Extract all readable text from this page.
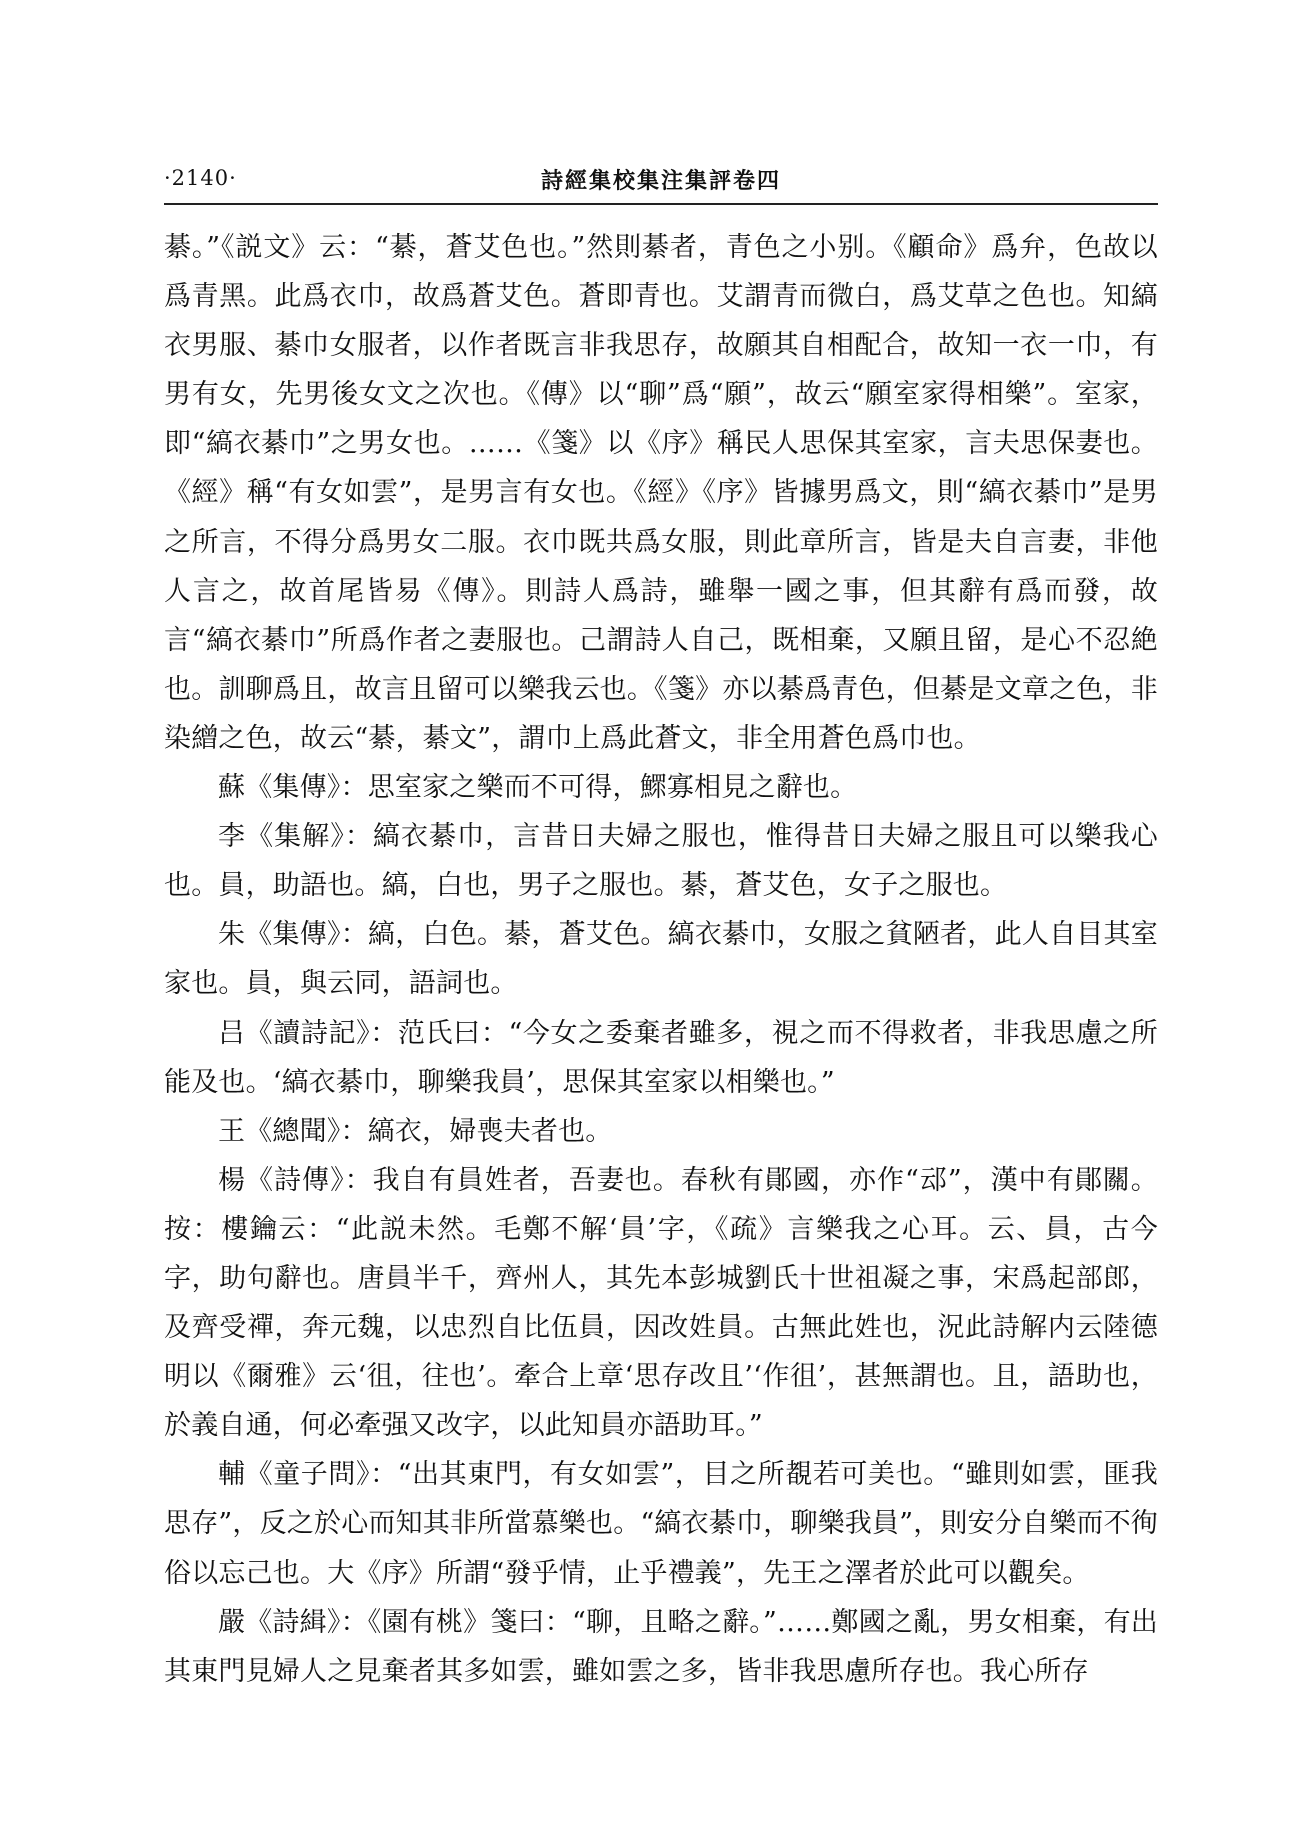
·2140·	詩經集校集注集評卷四

綦。”《説文》云：“綦，蒼艾色也。”然則綦者，青色之小别。《顧命》爲弁，色故以爲青黑。此爲衣巾，故爲蒼艾色。蒼即青也。艾謂青而微白，爲艾草之色也。知縞衣男服、綦巾女服者，以作者既言非我思存，故願其自相配合，故知一衣一巾，有男有女，先男後女文之次也。《傳》以“聊”爲“願”，故云“願室家得相樂”。室家，即“縞衣綦巾”之男女也。……《箋》以《序》稱民人思保其室家，言夫思保妻也。《經》稱“有女如雲”，是男言有女也。《經》《序》皆據男爲文，則“縞衣綦巾”是男之所言，不得分爲男女二服。衣巾既共爲女服，則此章所言，皆是夫自言妻，非他人言之，故首尾皆易《傳》。則詩人爲詩，雖舉一國之事，但其辭有爲而發，故言“縞衣綦巾”所爲作者之妻服也。己謂詩人自己，既相棄，又願且留，是心不忍絶也。訓聊爲且，故言且留可以樂我云也。《箋》亦以綦爲青色，但綦是文章之色，非染繒之色，故云“綦，綦文”，謂巾上爲此蒼文，非全用蒼色爲巾也。

蘇《集傳》：思室家之樂而不可得，鰥寡相見之辭也。

李《集解》：縞衣綦巾，言昔日夫婦之服也，惟得昔日夫婦之服且可以樂我心也。員，助語也。縞，白也，男子之服也。綦，蒼艾色，女子之服也。

朱《集傳》：縞，白色。綦，蒼艾色。縞衣綦巾，女服之貧陋者，此人自目其室家也。員，與云同，語詞也。

吕《讀詩記》：范氏曰：“今女之委棄者雖多，視之而不得救者，非我思慮之所能及也。‘縞衣綦巾，聊樂我員’，思保其室家以相樂也。”

王《總聞》：縞衣，婦喪夫者也。

楊《詩傳》：我自有員姓者，吾妻也。春秋有鄖國，亦作“䢵”，漢中有鄖關。按：樓鑰云：“此説未然。毛鄭不解‘員’字，《疏》言樂我之心耳。云、員，古今字，助句辭也。唐員半千，齊州人，其先本彭城劉氏十世祖凝之事，宋爲起部郎，及齊受禪，奔元魏，以忠烈自比伍員，因改姓員。古無此姓也，況此詩解内云陸德明以《爾雅》云‘徂，往也’。牽合上章‘思存改且’‘作徂’，甚無謂也。且，語助也，於義自通，何必牽强又改字，以此知員亦語助耳。”

輔《童子問》：“出其東門，有女如雲”，目之所覩若可美也。“雖則如雲，匪我思存”，反之於心而知其非所當慕樂也。“縞衣綦巾，聊樂我員”，則安分自樂而不徇俗以忘己也。大《序》所謂“發乎情，止乎禮義”，先王之澤者於此可以觀矣。

嚴《詩緝》：《園有桃》箋曰：“聊，且略之辭。”……鄭國之亂，男女相棄，有出其東門見婦人之見棄者其多如雲，雖如雲之多，皆非我思慮所存也。我心所存
